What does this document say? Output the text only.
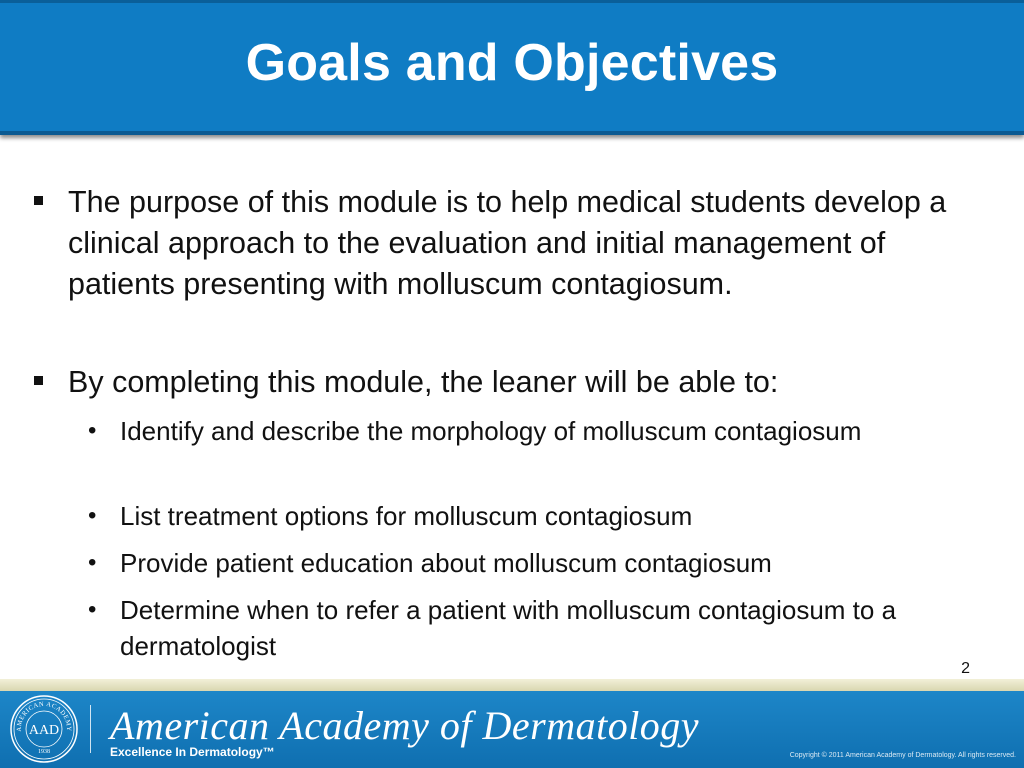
Goals and Objectives
The purpose of this module is to help medical students develop a clinical approach to the evaluation and initial management of patients presenting with molluscum contagiosum.
By completing this module, the leaner will be able to:
• Identify and describe the morphology of molluscum contagiosum
• List treatment options for molluscum contagiosum
• Provide patient education about molluscum contagiosum
• Determine when to refer a patient with molluscum contagiosum to a dermatologist
2
AMERICAN ACADEMY
AAD
1938
American Academy of Dermatology
Excellence In Dermatology™	Copyright © 2011 American Academy of Dermatology. All rights reserved.
